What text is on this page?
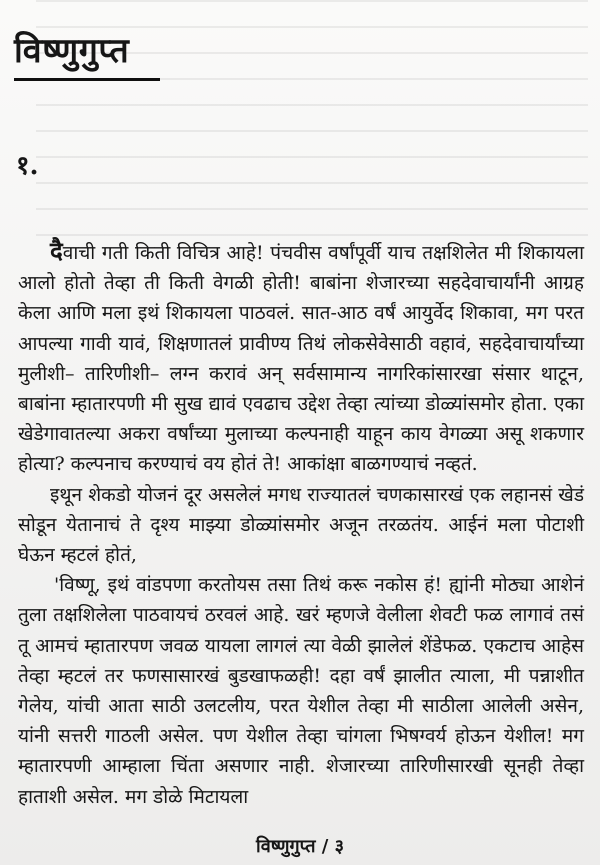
विष्णुगुप्त
१.

दैवाची गती किती विचित्र आहे! पंचवीस वर्षांपूर्वी याच तक्षशिलेत मी शिकायला आलो होतो तेव्हा ती किती वेगळी होती! बाबांना शेजारच्या सहदेवाचार्यांनी आग्रह केला आणि मला इथं शिकायला पाठवलं. सात-आठ वर्षं आयुर्वेद शिकावा, मग परत आपल्या गावी यावं, शिक्षणातलं प्रावीण्य तिथं लोकसेवेसाठी वहावं, सहदेवाचार्यांच्या मुलीशी– तारिणीशी– लग्न करावं अन् सर्वसामान्य नागरिकांसारखा संसार थाटून, बाबांना म्हातारपणी मी सुख द्यावं एवढाच उद्देश तेव्हा त्यांच्या डोळ्यांसमोर होता. एका खेडेगावातल्या अकरा वर्षांच्या मुलाच्या कल्पनाही याहून काय वेगळ्या असू शकणार होत्या? कल्पनाच करण्याचं वय होतं ते! आकांक्षा बाळगण्याचं नव्हतं.

इथून शेकडो योजनं दूर असलेलं मगध राज्यातलं चणकासारखं एक लहानसं खेडं सोडून येतानाचं ते दृश्य माझ्या डोळ्यांसमोर अजून तरळतंय. आईनं मला पोटाशी घेऊन म्हटलं होतं,

'विष्णू, इथं वांडपणा करतोयस तसा तिथं करू नकोस हं! ह्यांनी मोठ्या आशेनं तुला तक्षशिलेला पाठवायचं ठरवलं आहे. खरं म्हणजे वेलीला शेवटी फळ लागावं तसं तू आमचं म्हातारपण जवळ यायला लागलं त्या वेळी झालेलं शेंडेफळ. एकटाच आहेस तेव्हा म्हटलं तर फणसासारखं बुडखाफळही! दहा वर्षं झालीत त्याला, मी पन्नाशीत गेलेय, यांची आता साठी उलटलीय, परत येशील तेव्हा मी साठीला आलेली असेन, यांनी सत्तरी गाठली असेल. पण येशील तेव्हा चांगला भिषग्वर्य होऊन येशील! मग म्हातारपणी आम्हाला चिंता असणार नाही. शेजारच्या तारिणीसारखी सूनही तेव्हा हाताशी असेल. मग डोळे मिटायला

विष्णुगुप्त / ३
